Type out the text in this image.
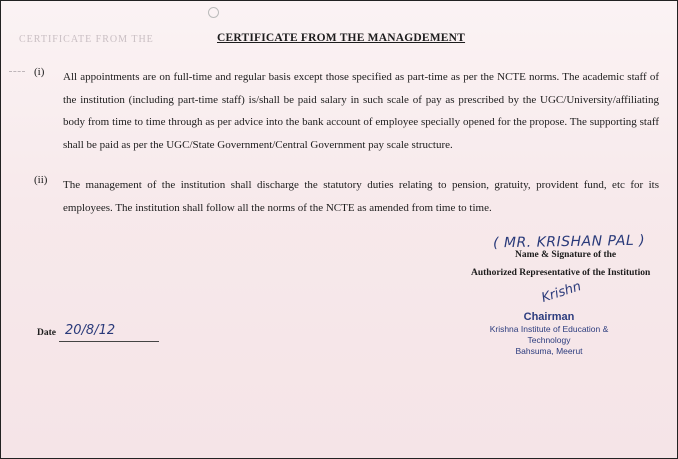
CERTIFICATE FROM THE	CERTIFICATE FROM THE MANAGDEMENT
(i) All appointments are on full-time and regular basis except those specified as part-time as per the NCTE norms. The academic staff of the institution (including part-time staff) is/shall be paid salary in such scale of pay as prescribed by the UGC/University/affiliating body from time to time through as per advice into the bank account of employee specially opened for the propose. The supporting staff shall be paid as per the UGC/State Government/Central Government pay scale structure.
(ii) The management of the institution shall discharge the statutory duties relating to pension, gratuity, provident fund, etc for its employees. The institution shall follow all the norms of the NCTE as amended from time to time.
( MR. KRISHAN PAL )
Name & Signature of the
Authorized Representative of the Institution
Krishn
Chairman
Krishna Institute of Education & Technology
Bahsuma, Meerut
Date 20/8/12
